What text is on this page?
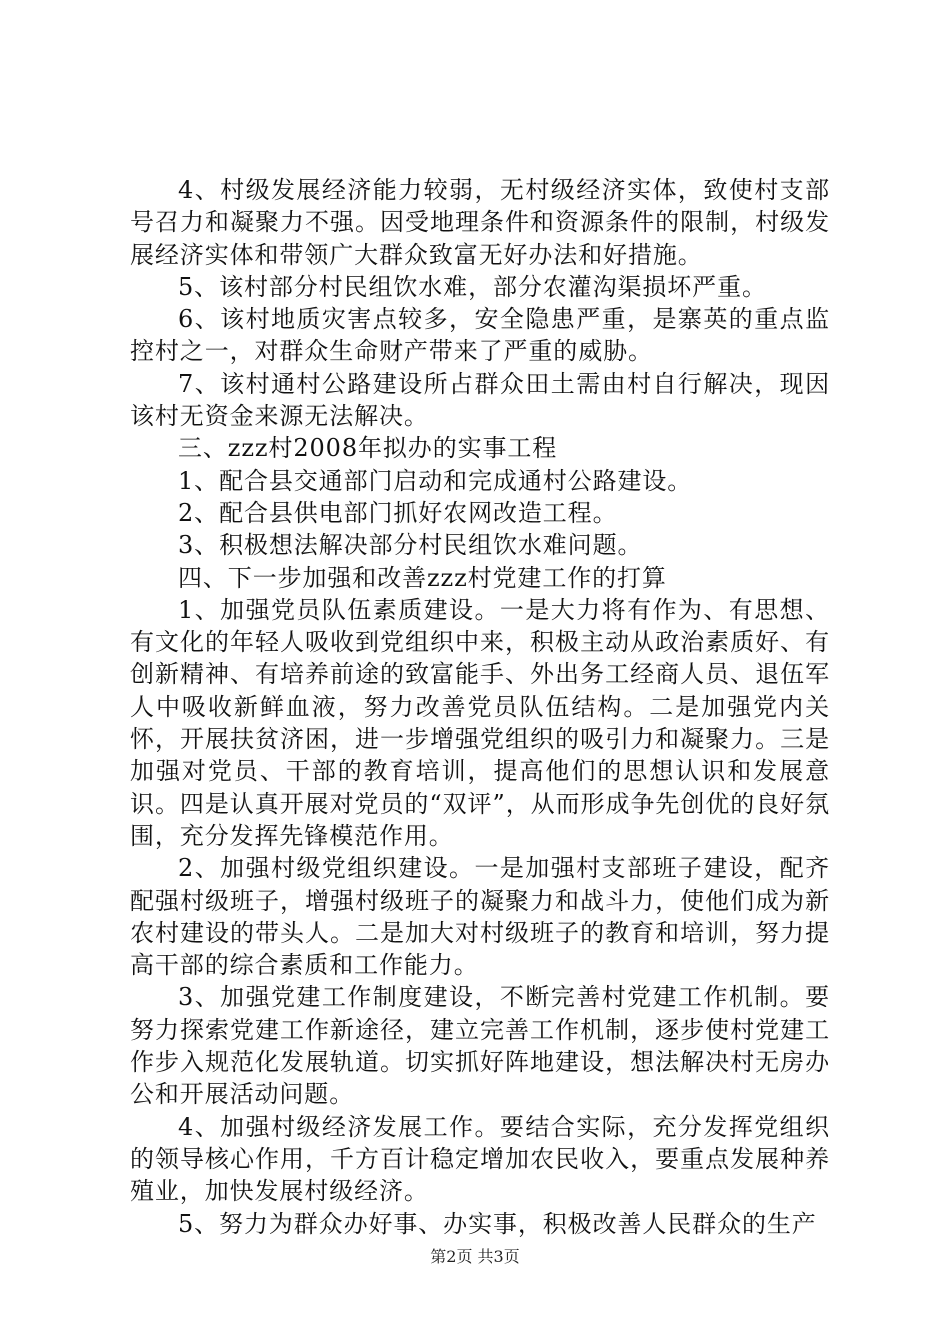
4、村级发展经济能力较弱，无村级经济实体，致使村支部号召力和凝聚力不强。因受地理条件和资源条件的限制，村级发展经济实体和带领广大群众致富无好办法和好措施。

5、该村部分村民组饮水难，部分农灌沟渠损坏严重。

6、该村地质灾害点较多，安全隐患严重，是寨英的重点监控村之一，对群众生命财产带来了严重的威胁。

7、该村通村公路建设所占群众田土需由村自行解决，现因该村无资金来源无法解决。

三、zzz村2008年拟办的实事工程

1、配合县交通部门启动和完成通村公路建设。

2、配合县供电部门抓好农网改造工程。

3、积极想法解决部分村民组饮水难问题。

四、下一步加强和改善zzz村党建工作的打算

1、加强党员队伍素质建设。一是大力将有作为、有思想、有文化的年轻人吸收到党组织中来，积极主动从政治素质好、有创新精神、有培养前途的致富能手、外出务工经商人员、退伍军人中吸收新鲜血液，努力改善党员队伍结构。二是加强党内关怀，开展扶贫济困，进一步增强党组织的吸引力和凝聚力。三是加强对党员、干部的教育培训，提高他们的思想认识和发展意识。四是认真开展对党员的“双评”，从而形成争先创优的良好氛围，充分发挥先锋模范作用。

2、加强村级党组织建设。一是加强村支部班子建设，配齐配强村级班子，增强村级班子的凝聚力和战斗力，使他们成为新农村建设的带头人。二是加大对村级班子的教育和培训，努力提高干部的综合素质和工作能力。

3、加强党建工作制度建设，不断完善村党建工作机制。要努力探索党建工作新途径，建立完善工作机制，逐步使村党建工作步入规范化发展轨道。切实抓好阵地建设，想法解决村无房办公和开展活动问题。

4、加强村级经济发展工作。要结合实际，充分发挥党组织的领导核心作用，千方百计稳定增加农民收入，要重点发展种养殖业，加快发展村级经济。

5、努力为群众办好事、办实事，积极改善人民群众的生产

第2页 共3页
